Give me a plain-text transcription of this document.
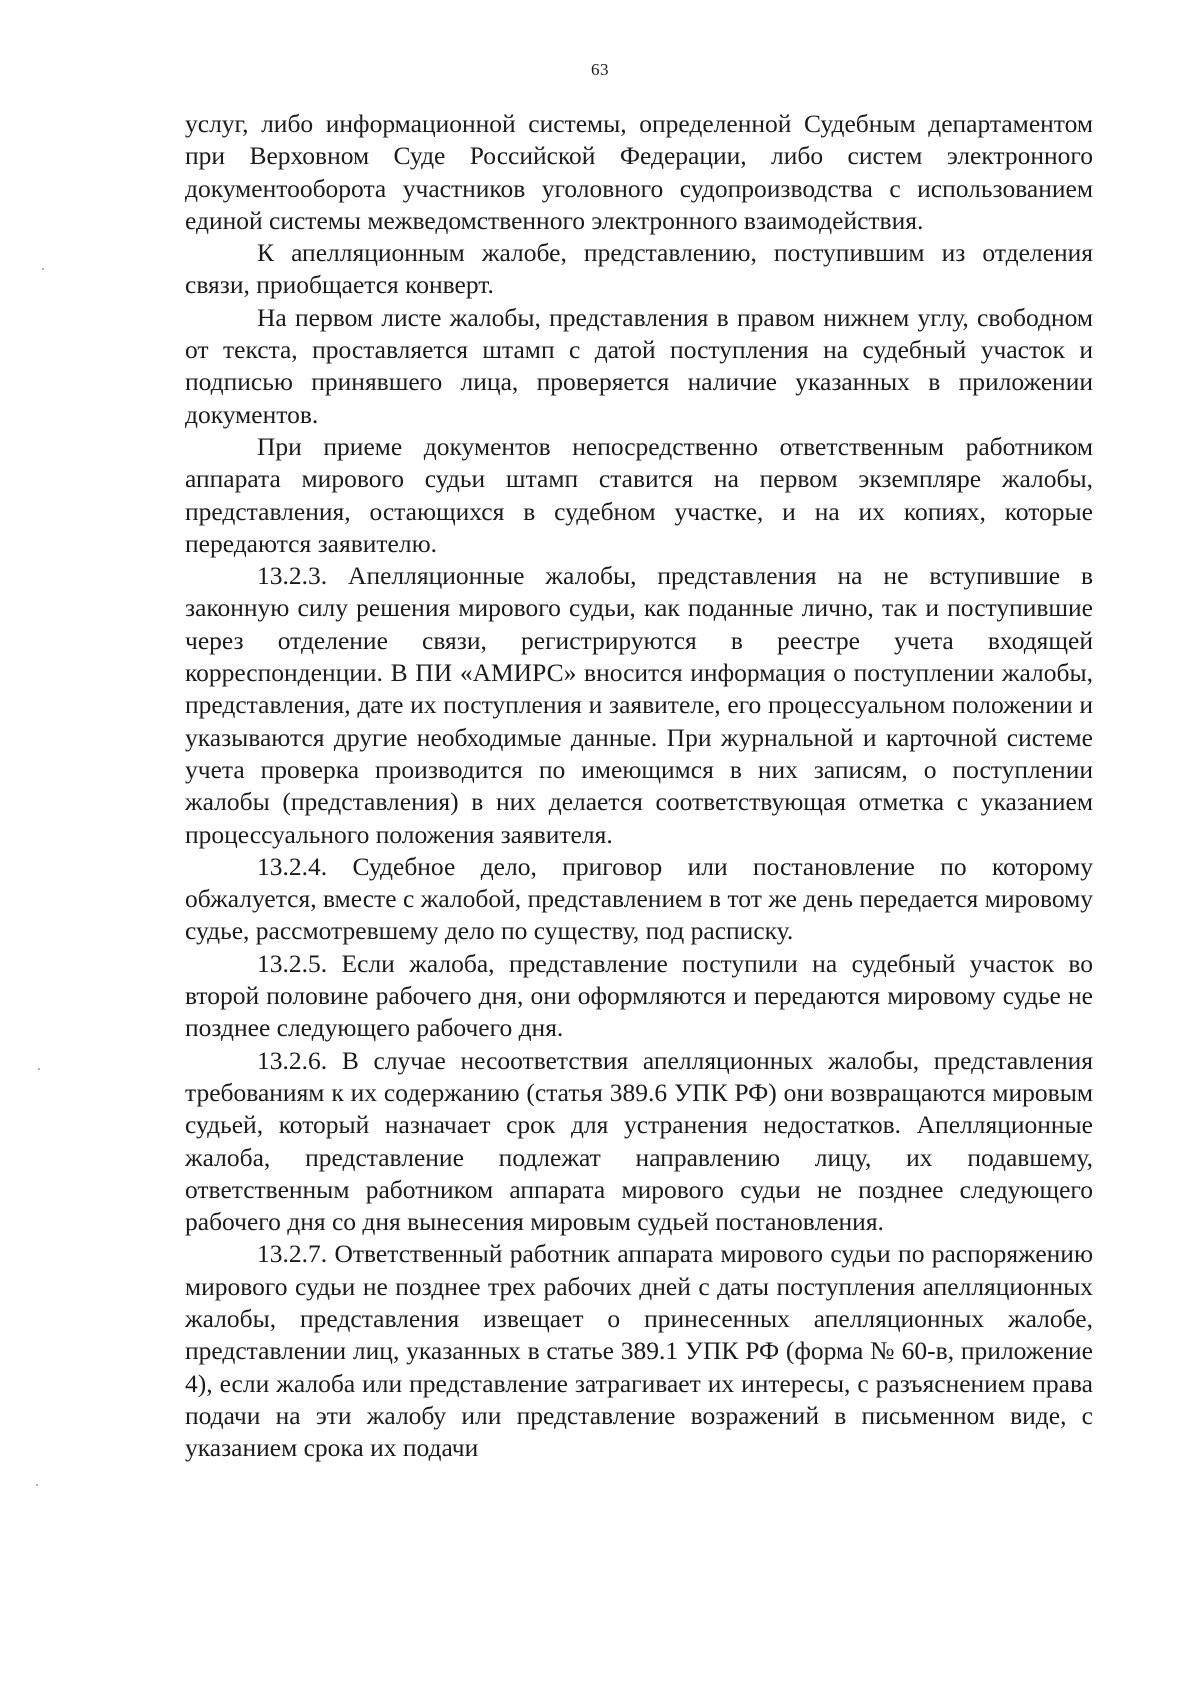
63

услуг, либо информационной системы, определенной Судебным департаментом при Верховном Суде Российской Федерации, либо систем электронного документооборота участников уголовного судопроизводства с использованием единой системы межведомственного электронного взаимодействия.

К апелляционным жалобе, представлению, поступившим из отделения связи, приобщается конверт.

На первом листе жалобы, представления в правом нижнем углу, свободном от текста, проставляется штамп с датой поступления на судебный участок и подписью принявшего лица, проверяется наличие указанных в приложении документов.

При приеме документов непосредственно ответственным работником аппарата мирового судьи штамп ставится на первом экземпляре жалобы, представления, остающихся в судебном участке, и на их копиях, которые передаются заявителю.

13.2.3. Апелляционные жалобы, представления на не вступившие в законную силу решения мирового судьи, как поданные лично, так и поступившие через отделение связи, регистрируются в реестре учета входящей корреспонденции. В ПИ «АМИРС» вносится информация о поступлении жалобы, представления, дате их поступления и заявителе, его процессуальном положении и указываются другие необходимые данные. При журнальной и карточной системе учета проверка производится по имеющимся в них записям, о поступлении жалобы (представления) в них делается соответствующая отметка с указанием процессуального положения заявителя.

13.2.4. Судебное дело, приговор или постановление по которому обжалуется, вместе с жалобой, представлением в тот же день передается мировому судье, рассмотревшему дело по существу, под расписку.

13.2.5. Если жалоба, представление поступили на судебный участок во второй половине рабочего дня, они оформляются и передаются мировому судье не позднее следующего рабочего дня.

13.2.6. В случае несоответствия апелляционных жалобы, представления требованиям к их содержанию (статья 389.6 УПК РФ) они возвращаются мировым судьей, который назначает срок для устранения недостатков. Апелляционные жалоба, представление подлежат направлению лицу, их подавшему, ответственным работником аппарата мирового судьи не позднее следующего рабочего дня со дня вынесения мировым судьей постановления.

13.2.7. Ответственный работник аппарата мирового судьи по распоряжению мирового судьи не позднее трех рабочих дней с даты поступления апелляционных жалобы, представления извещает о принесенных апелляционных жалобе, представлении лиц, указанных в статье 389.1 УПК РФ (форма № 60-в, приложение 4), если жалоба или представление затрагивает их интересы, с разъяснением права подачи на эти жалобу или представление возражений в письменном виде, с указанием срока их подачи
